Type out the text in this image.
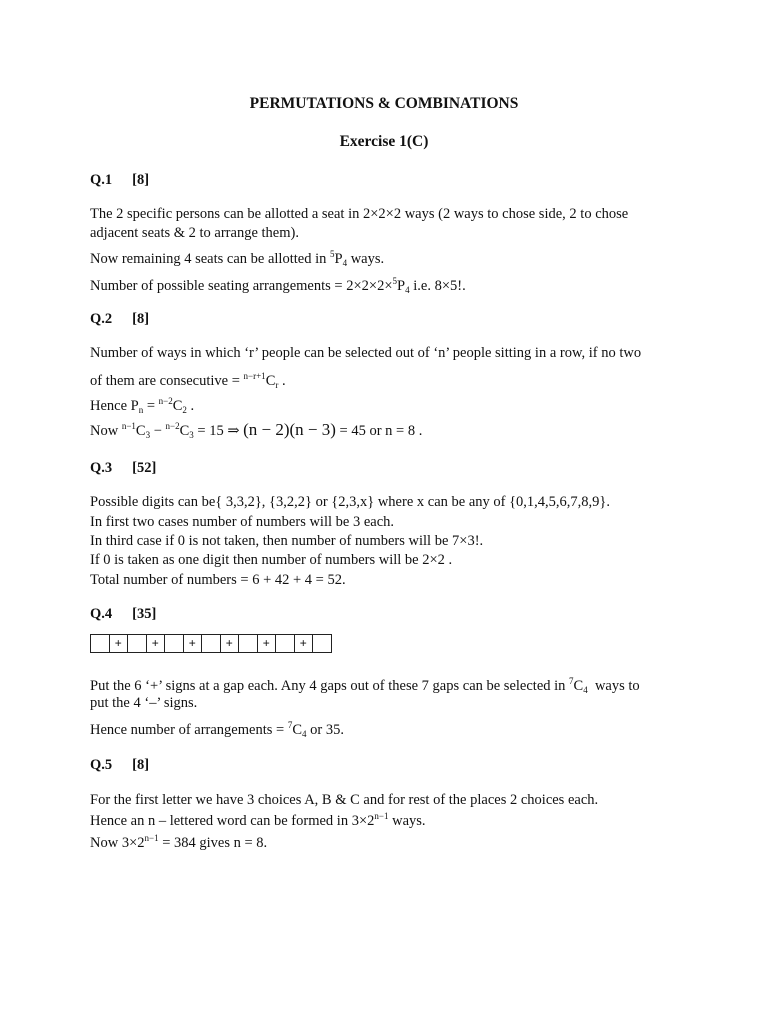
PERMUTATIONS & COMBINATIONS
Exercise 1(C)
Q.1 [8]
The 2 specific persons can be allotted a seat in 2×2×2 ways (2 ways to chose side, 2 to chose
adjacent seats & 2 to arrange them).
Now remaining 4 seats can be allotted in $^5P_4$ ways.
Number of possible seating arrangements = $2\times 2\times 2\times^5P_4$ i.e. 8×5!.
Q.2 [8]
Number of ways in which ‘r’ people can be selected out of ‘n’ people sitting in a row, if no two
of them are consecutive = $^{n-r+1}C_r$ .
Hence $P_n = ^{n-2}C_2$ .
Now $^{n-1}C_3 - ^{n-2}C_3 = 15$ ⇒ (n − 2)(n − 3) = 45 or n = 8 .
Q.3 [52]
Possible digits can be{ 3,3,2}, {3,2,2} or {2,3,x} where x can be any of {0,1,4,5,6,7,8,9}.
In first two cases number of numbers will be 3 each.
In third case if 0 is not taken, then number of numbers will be 7×3!.
If 0 is taken as one digit then number of numbers will be 2×2 .
Total number of numbers = 6 + 42 + 4 = 52.
Q.4 [35]
+	+	+	+	+	+
Put the 6 ‘+’ signs at a gap each. Any 4 gaps out of these 7 gaps can be selected in $^7C_4$ ways to
put the 4 ‘–’ signs.
Hence number of arrangements = $^7C_4$ or 35.
Q.5 [8]
For the first letter we have 3 choices A, B & C and for rest of the places 2 choices each.
Hence an n – lettered word can be formed in $3\times 2^{n-1}$ ways.
Now $3\times 2^{n-1} = 384$ gives n = 8.
